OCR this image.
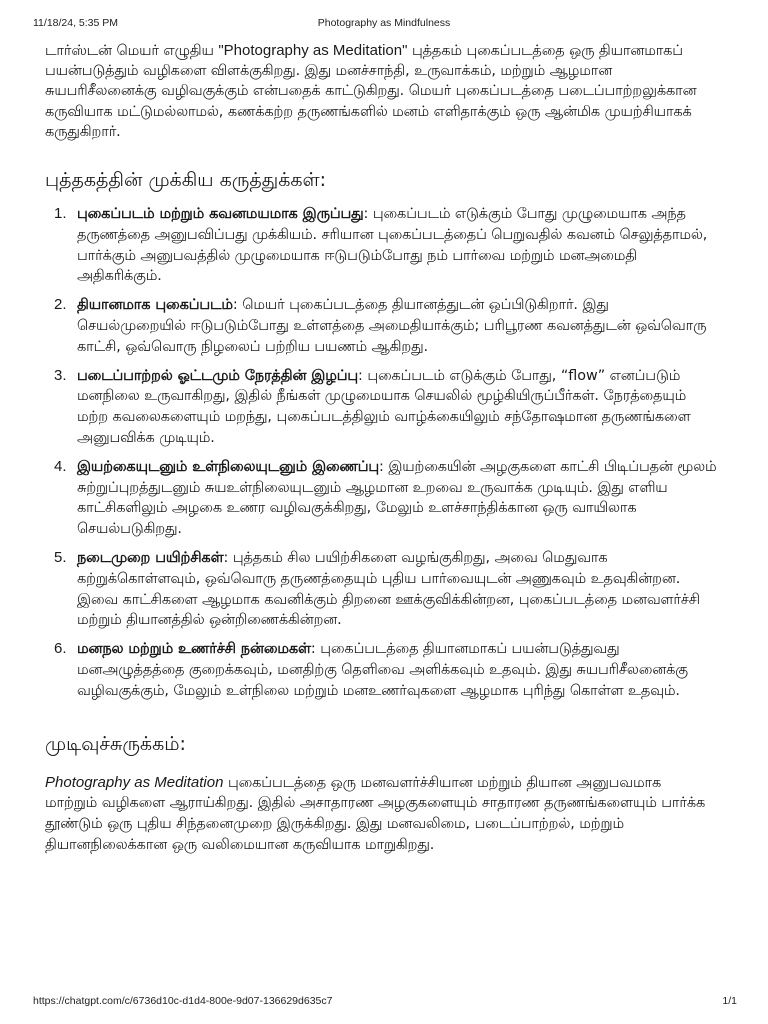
11/18/24, 5:35 PM	Photography as Mindfulness

டார்ஸ்டன் மெயர் எழுதிய "Photography as Meditation" புத்தகம் புகைப்படத்தை ஒரு தியானமாகப் பயன்படுத்தும் வழிகளை விளக்குகிறது. இது மனச்சாந்தி, உருவாக்கம், மற்றும் ஆழமான சுயபரிசீலனைக்கு வழிவகுக்கும் என்பதைக் காட்டுகிறது. மெயர் புகைப்படத்தை படைப்பாற்றலுக்கான கருவியாக மட்டுமல்லாமல், கணக்கற்ற தருணங்களில் மனம் எளிதாக்கும் ஒரு ஆன்மிக முயற்சியாகக் கருதுகிறார்.

புத்தகத்தின் முக்கிய கருத்துக்கள்:
1. புகைப்படம் மற்றும் கவனமயமாக இருப்பது: புகைப்படம் எடுக்கும் போது முழுமையாக அந்த தருணத்தை அனுபவிப்பது முக்கியம். சரியான புகைப்படத்தைப் பெறுவதில் கவனம் செலுத்தாமல், பார்க்கும் அனுபவத்தில் முழுமையாக ஈடுபடும்போது நம் பார்வை மற்றும் மனஅமைதி அதிகரிக்கும்.
2. தியானமாக புகைப்படம்: மெயர் புகைப்படத்தை தியானத்துடன் ஒப்பிடுகிறார். இது செயல்முறையில் ஈடுபடும்போது உள்ளத்தை அமைதியாக்கும்; பரிபூரண கவனத்துடன் ஒவ்வொரு காட்சி, ஒவ்வொரு நிழலைப் பற்றிய பயணம் ஆகிறது.
3. படைப்பாற்றல் ஓட்டமும் நேரத்தின் இழப்பு: புகைப்படம் எடுக்கும் போது, “flow” எனப்படும் மனநிலை உருவாகிறது, இதில் நீங்கள் முழுமையாக செயலில் மூழ்கியிருப்பீர்கள். நேரத்தையும் மற்ற கவலைகளையும் மறந்து, புகைப்படத்திலும் வாழ்க்கையிலும் சந்தோஷமான தருணங்களை அனுபவிக்க முடியும்.
4. இயற்கையுடனும் உள்நிலையுடனும் இணைப்பு: இயற்கையின் அழகுகளை காட்சி பிடிப்பதன் மூலம் சுற்றுப்புறத்துடனும் சுயஉள்நிலையுடனும் ஆழமான உறவை உருவாக்க முடியும். இது எளிய காட்சிகளிலும் அழகை உணர வழிவகுக்கிறது, மேலும் உளச்சாந்திக்கான ஒரு வாயிலாக செயல்படுகிறது.
5. நடைமுறை பயிற்சிகள்: புத்தகம் சில பயிற்சிகளை வழங்குகிறது, அவை மெதுவாக கற்றுக்கொள்ளவும், ஒவ்வொரு தருணத்தையும் புதிய பார்வையுடன் அணுகவும் உதவுகின்றன. இவை காட்சிகளை ஆழமாக கவனிக்கும் திறனை ஊக்குவிக்கின்றன, புகைப்படத்தை மனவளர்ச்சி மற்றும் தியானத்தில் ஒன்றிணைக்கின்றன.
6. மனநல மற்றும் உணர்ச்சி நன்மைகள்: புகைப்படத்தை தியானமாகப் பயன்படுத்துவது மனஅழுத்தத்தை குறைக்கவும், மனதிற்கு தெளிவை அளிக்கவும் உதவும். இது சுயபரிசீலனைக்கு வழிவகுக்கும், மேலும் உள்நிலை மற்றும் மனஉணர்வுகளை ஆழமாக புரிந்து கொள்ள உதவும்.
முடிவுச்சுருக்கம்:

Photography as Meditation புகைப்படத்தை ஒரு மனவளர்ச்சியான மற்றும் தியான அனுபவமாக மாற்றும் வழிகளை ஆராய்கிறது. இதில் அசாதாரண அழகுகளையும் சாதாரண தருணங்களையும் பார்க்க தூண்டும் ஒரு புதிய சிந்தனைமுறை இருக்கிறது. இது மனவலிமை, படைப்பாற்றல், மற்றும் தியானநிலைக்கான ஒரு வலிமையான கருவியாக மாறுகிறது.

https://chatgpt.com/c/6736d10c-d1d4-800e-9d07-136629d635c7	1/1
